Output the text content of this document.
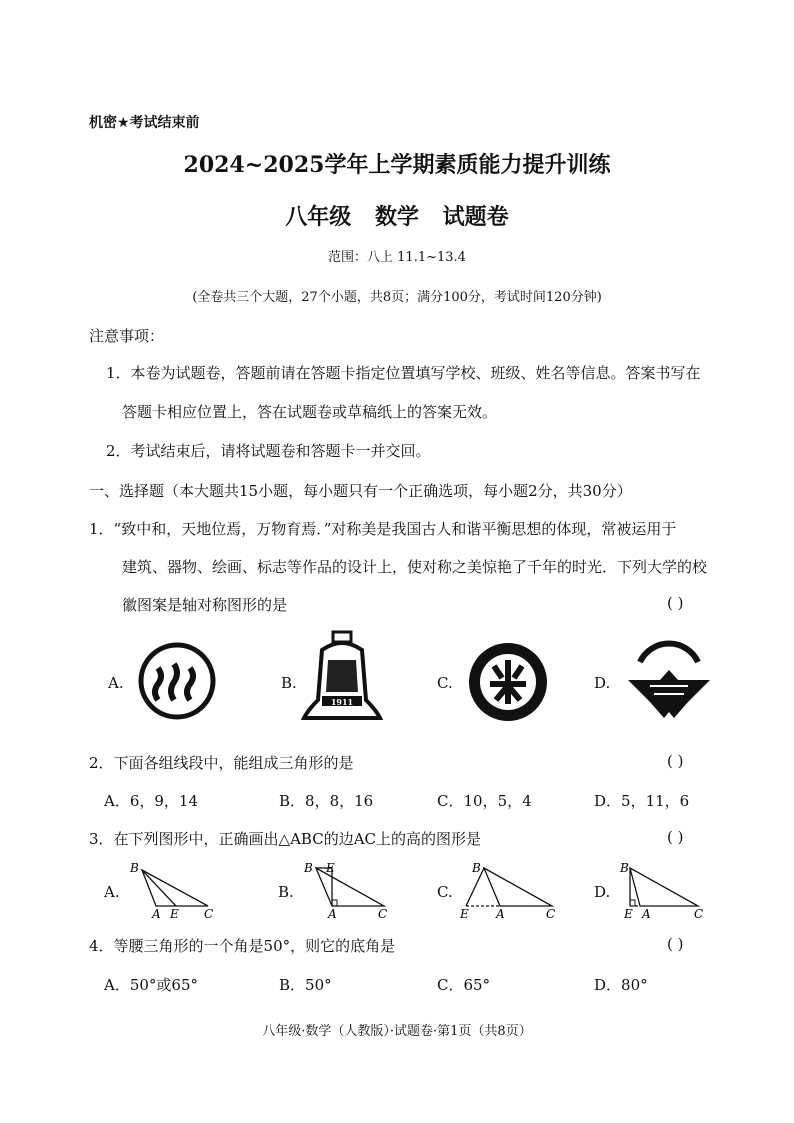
机密★考试结束前
2024~2025学年上学期素质能力提升训练
八年级 数学 试题卷
范围：八上 11.1~13.4
(全卷共三个大题，27个小题，共8页；满分100分，考试时间120分钟)
注意事项：
1．本卷为试题卷，答题前请在答题卡指定位置填写学校、班级、姓名等信息。答案书写在
答题卡相应位置上，答在试题卷或草稿纸上的答案无效。
2．考试结束后，请将试题卷和答题卡一并交回。
一、选择题（本大题共15小题，每小题只有一个正确选项，每小题2分，共30分）
1．“致中和，天地位焉，万物育焉．”对称美是我国古人和谐平衡思想的体现，常被运用于
建筑、器物、绘画、标志等作品的设计上，使对称之美惊艳了千年的时光．下列大学的校
徽图案是轴对称图形的是	( )
A.	B.
1911
C.	D.
2．下面各组线段中，能组成三角形的是	( )
A．6，9，14	B．8，8，16	C．10，5，4	D．5，11，6
3．在下列图形中，正确画出△ABC的边AC上的高的图形是	( )
A.
B
A E C
B.
B E
A	C
C.
B
E A	C
D.
B
E A	C
4．等腰三角形的一个角是50°，则它的底角是	( )
A．50°或65°	B．50°	C．65°	D．80°
八年级·数学（人教版）·试题卷·第1页（共8页）
